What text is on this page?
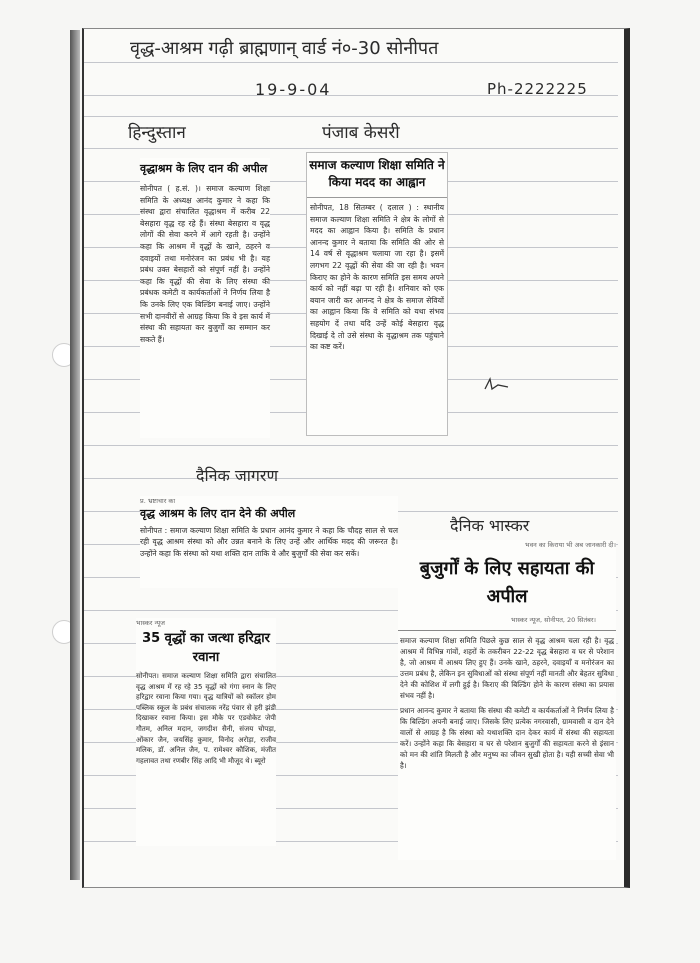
वृद्ध-आश्रम गढ़ी ब्राह्मणान् वार्ड नं०-30 सोनीपत
19-9-04	Ph-2222225
हिन्दुस्तान	पंजाब केसरी
दैनिक जागरण
दैनिक भास्कर
वृद्धाश्रम के लिए दान की अपील
सोनीपत ( ह.सं. )। समाज कल्याण शिक्षा समिति के अध्यक्ष आनंद कुमार ने कहा कि संस्था द्वारा संचालित वृद्धाश्रम में करीब 22 बेसहारा वृद्ध रह रहे हैं। संस्था बेसहारा व वृद्ध लोगों की सेवा करने में आगे रहती है। उन्होंने कहा कि आश्रम में वृद्धों के खाने, ठहरने व दवाइयों तथा मनोरंजन का प्रबंध भी है। यह प्रबंध उक्त बेसहारों को संपूर्ण नहीं है। उन्होंने कहा कि वृद्धों की सेवा के लिए संस्था की प्रबंधक कमेटी व कार्यकर्ताओं ने निर्णय लिया है कि उनके लिए एक बिल्डिंग बनाई जाए। उन्होंने सभी दानवीरों से आग्रह किया कि वे इस कार्य में संस्था की सहायता कर बुजुर्गों का सम्मान कर सकते हैं।
समाज कल्याण शिक्षा समिति ने किया मदद का आह्वान
सोनीपत, 18 सितम्बर ( दलाल ) : स्थानीय समाज कल्याण शिक्षा समिति ने क्षेत्र के लोगों से मदद का आह्वान किया है। समिति के प्रधान आनन्द कुमार ने बताया कि समिति की ओर से 14 वर्ष से वृद्धाश्रम चलाया जा रहा है। इसमें लगभग 22 वृद्धों की सेवा की जा रही है। भवन किराए का होने के कारण समिति इस समय अपने कार्य को नहीं बढ़ा पा रही है। शनिवार को एक बयान जारी कर आनन्द ने क्षेत्र के समाज सेवियों का आह्वान किया कि वे समिति को यथा संभव सहयोग दें तथा यदि उन्हें कोई बेसहारा वृद्ध दिखाई दे तो उसे संस्था के वृद्धाश्रम तक पहुंचाने का कष्ट करें।
प्र. भ्रष्टाचार का
वृद्ध आश्रम के लिए दान देने की अपील
सोनीपत : समाज कल्याण शिक्षा समिति के प्रधान आनंद कुमार ने कहा कि चौदह साल से चल रही वृद्ध आश्रम संस्था को और उन्नत बनाने के लिए उन्हें और आर्थिक मदद की जरूरत है। उन्होंने कहा कि संस्था को यथा शक्ति दान ताकि वे और बुजुर्गों की सेवा कर सकें।
भास्कर न्यूज
35 वृद्धों का जत्था हरिद्वार रवाना
सोनीपत। समाज कल्याण शिक्षा समिति द्वारा संचालित वृद्ध आश्रम में रह रहे 35 वृद्धों को गंगा स्नान के लिए हरिद्वार रवाना किया गया। वृद्ध यात्रियों को स्कॉलर होम पब्लिक स्कूल के प्रबंध संचालक नरेंद्र पंवार से हरी झंडी दिखाकर रवाना किया। इस मौके पर एडवोकेट जेपी गौतम, अनिल मदान, जगदीश सैनी, संजय चोपड़ा, ओंकार जैन, जयसिंह कुमार, विनोद अरोड़ा, राजीव मलिक, डॉ. अनिल जैन, प. रामेश्वर कौशिक, मंजीत गहलावत तथा रणबीर सिंह आदि भी मौजूद थे। ब्यूरो
भवन का किराया भी अब जानकारी दी।
बुजुर्गों के लिए सहायता की अपील
भास्कर न्यूज, सोनीपत, 20 सितंबर।
समाज कल्याण शिक्षा समिति पिछले कुछ साल से वृद्ध आश्रम चला रही है। वृद्ध आश्रम में विभिन्न गांवों, शहरों के तकरीबन 22-22 वृद्ध बेसहारा व घर से परेशान है, जो आश्रम में आश्रय लिए हुए हैं। उनके खाने, ठहरने, दवाइयाँ व मनोरंजन का उत्तम प्रबंध है, लेकिन इन सुविधाओं को संस्था संपूर्ण नहीं मानती और बेहतर सुविधा देने की कोशिश में लगी हुई है। किराए की बिल्डिंग होने के कारण संस्था का प्रयास संभव नहीं है।
प्रधान आनन्द कुमार ने बताया कि संस्था की कमेटी व कार्यकर्ताओं ने निर्णय लिया है कि बिल्डिंग अपनी बनाई जाए। जिसके लिए प्रत्येक नगरवासी, ग्रामवासी व दान देने वालों से आग्रह है कि संस्था को यथाशक्ति दान देकर कार्य में संस्था की सहायता करें। उन्होंने कहा कि बेसहारा व घर से परेशान बुजुर्गों की सहायता करने से इंसान को मन की शांति मिलती है और मनुष्य का जीवन सुखी होता है। यही सच्ची सेवा भी है।
